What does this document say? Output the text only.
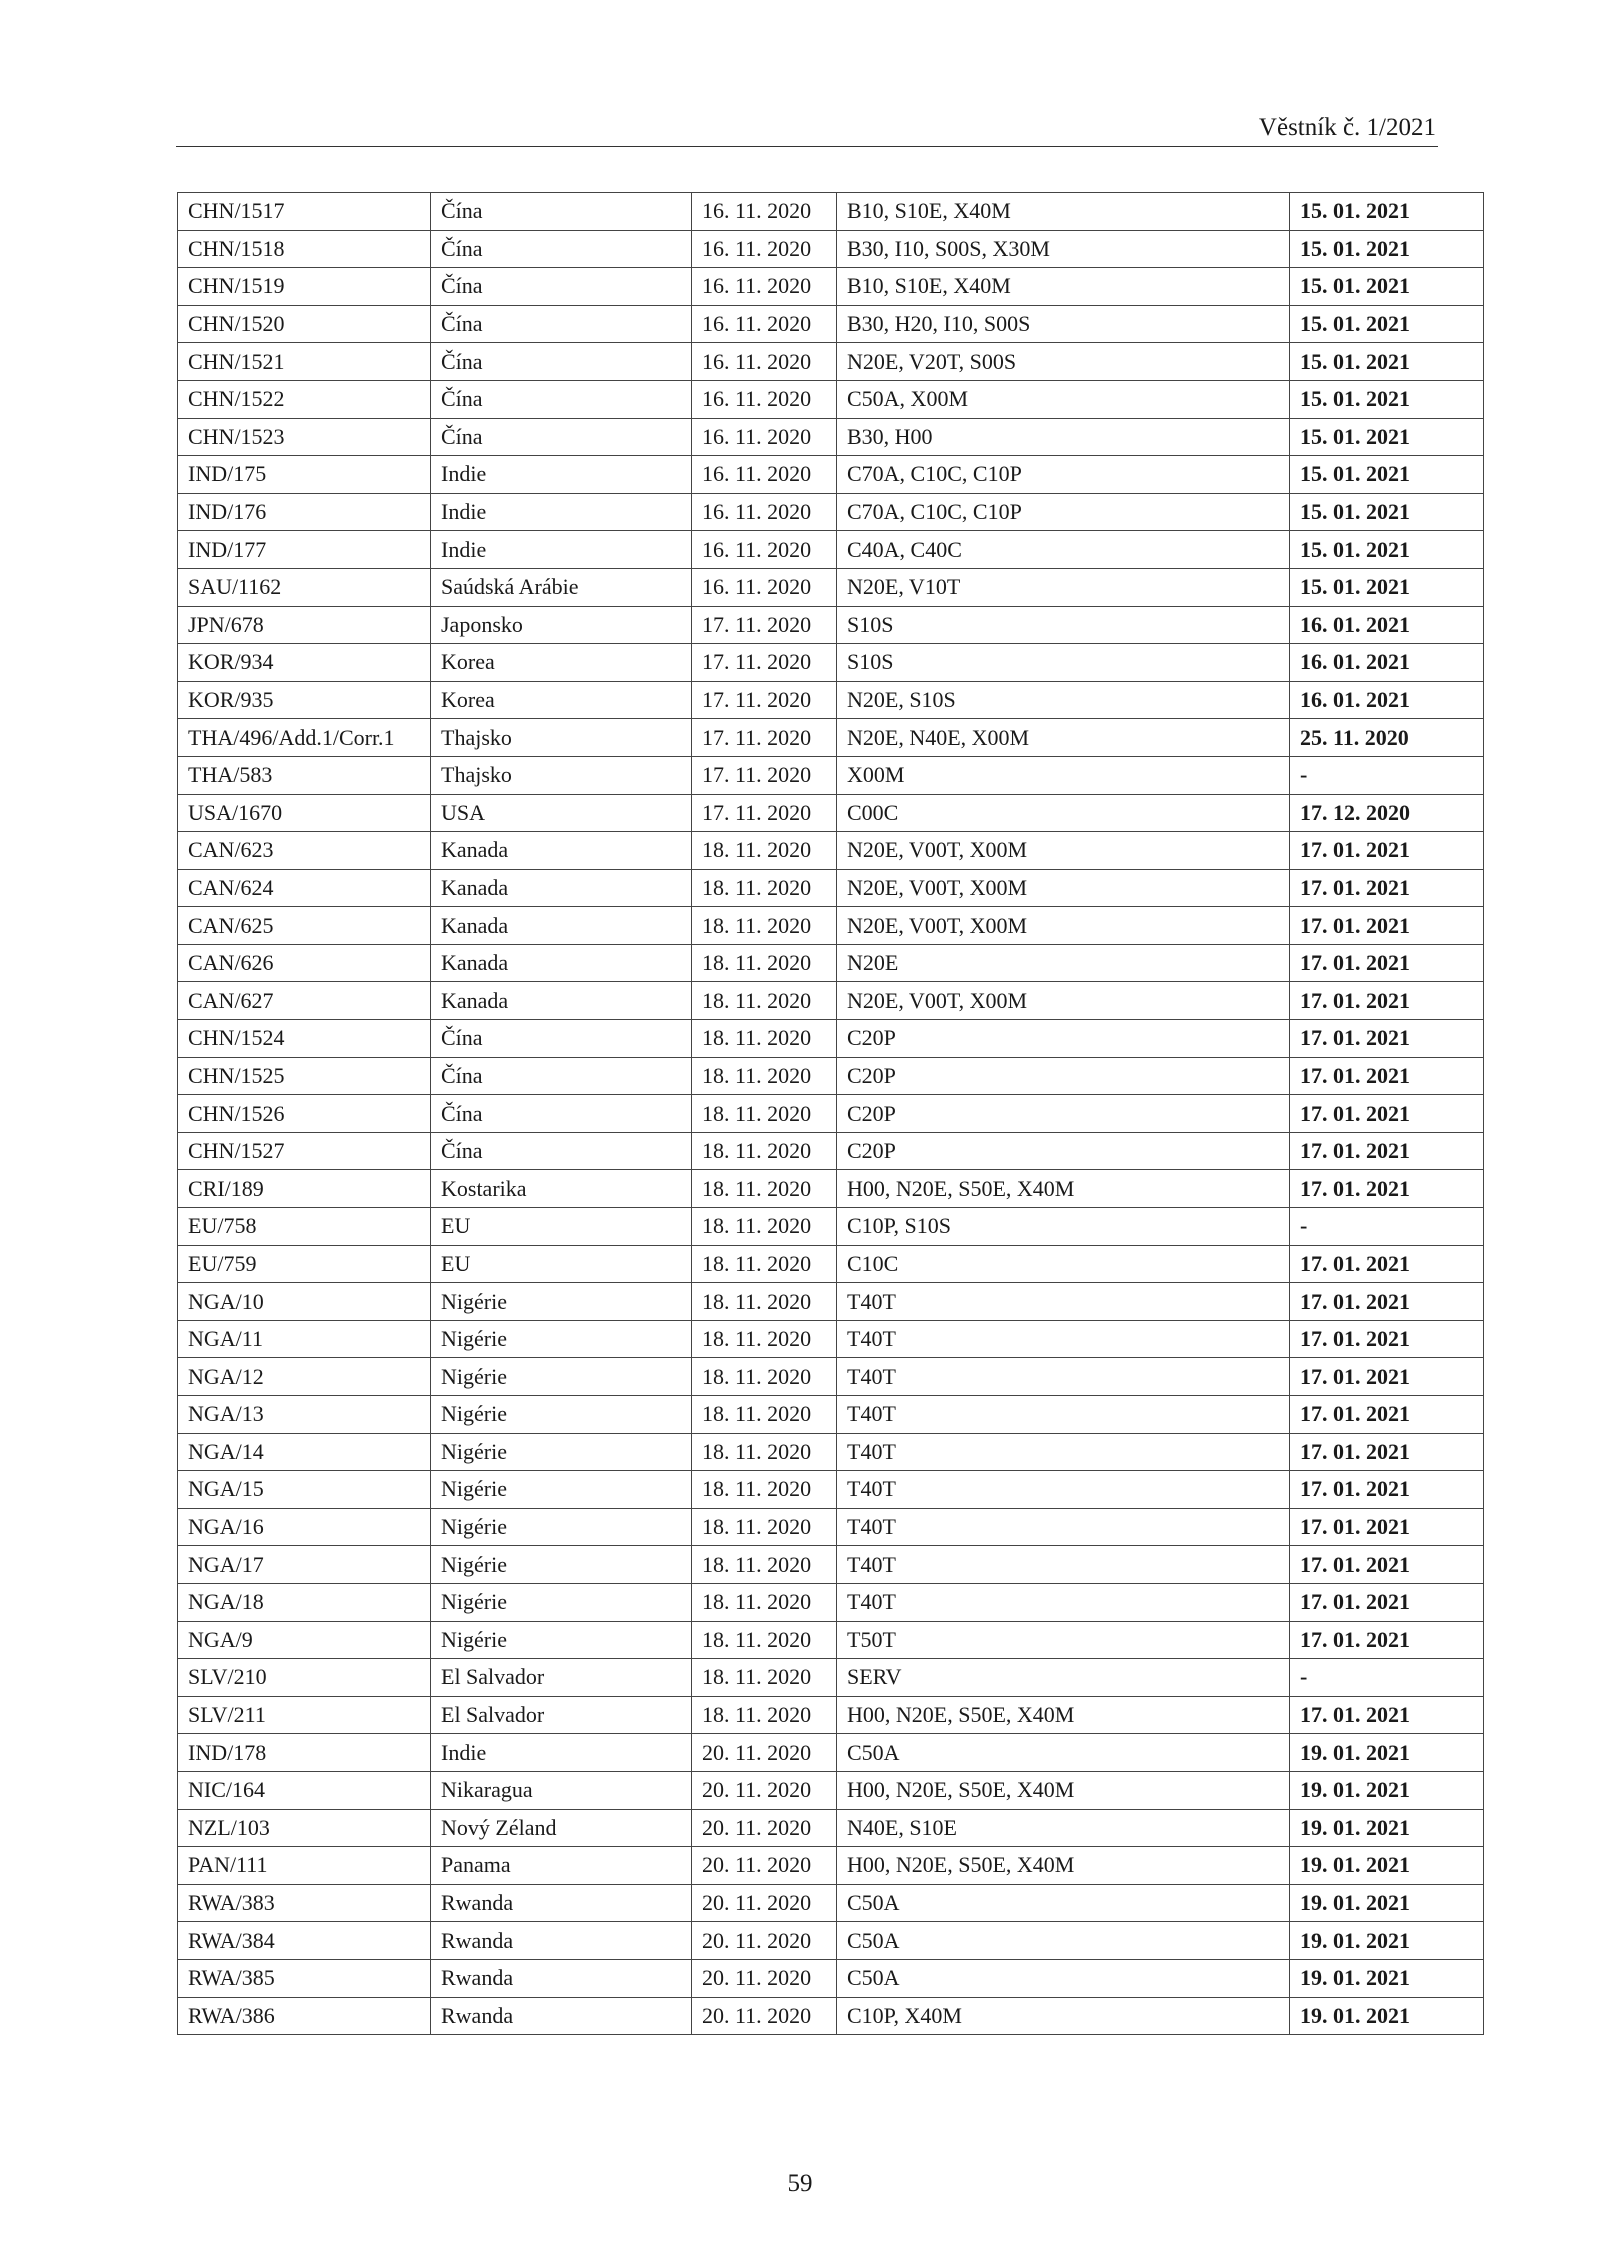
Věstník č. 1/2021
CHN/1517	Čína	16. 11. 2020	B10, S10E, X40M	15. 01. 2021
CHN/1518	Čína	16. 11. 2020	B30, I10, S00S, X30M	15. 01. 2021
CHN/1519	Čína	16. 11. 2020	B10, S10E, X40M	15. 01. 2021
CHN/1520	Čína	16. 11. 2020	B30, H20, I10, S00S	15. 01. 2021
CHN/1521	Čína	16. 11. 2020	N20E, V20T, S00S	15. 01. 2021
CHN/1522	Čína	16. 11. 2020	C50A, X00M	15. 01. 2021
CHN/1523	Čína	16. 11. 2020	B30, H00	15. 01. 2021
IND/175	Indie	16. 11. 2020	C70A, C10C, C10P	15. 01. 2021
IND/176	Indie	16. 11. 2020	C70A, C10C, C10P	15. 01. 2021
IND/177	Indie	16. 11. 2020	C40A, C40C	15. 01. 2021
SAU/1162	Saúdská Arábie	16. 11. 2020	N20E, V10T	15. 01. 2021
JPN/678	Japonsko	17. 11. 2020	S10S	16. 01. 2021
KOR/934	Korea	17. 11. 2020	S10S	16. 01. 2021
KOR/935	Korea	17. 11. 2020	N20E, S10S	16. 01. 2021
THA/496/Add.1/Corr.1	Thajsko	17. 11. 2020	N20E, N40E, X00M	25. 11. 2020
THA/583	Thajsko	17. 11. 2020	X00M	-
USA/1670	USA	17. 11. 2020	C00C	17. 12. 2020
CAN/623	Kanada	18. 11. 2020	N20E, V00T, X00M	17. 01. 2021
CAN/624	Kanada	18. 11. 2020	N20E, V00T, X00M	17. 01. 2021
CAN/625	Kanada	18. 11. 2020	N20E, V00T, X00M	17. 01. 2021
CAN/626	Kanada	18. 11. 2020	N20E	17. 01. 2021
CAN/627	Kanada	18. 11. 2020	N20E, V00T, X00M	17. 01. 2021
CHN/1524	Čína	18. 11. 2020	C20P	17. 01. 2021
CHN/1525	Čína	18. 11. 2020	C20P	17. 01. 2021
CHN/1526	Čína	18. 11. 2020	C20P	17. 01. 2021
CHN/1527	Čína	18. 11. 2020	C20P	17. 01. 2021
CRI/189	Kostarika	18. 11. 2020	H00, N20E, S50E, X40M	17. 01. 2021
EU/758	EU	18. 11. 2020	C10P, S10S	-
EU/759	EU	18. 11. 2020	C10C	17. 01. 2021
NGA/10	Nigérie	18. 11. 2020	T40T	17. 01. 2021
NGA/11	Nigérie	18. 11. 2020	T40T	17. 01. 2021
NGA/12	Nigérie	18. 11. 2020	T40T	17. 01. 2021
NGA/13	Nigérie	18. 11. 2020	T40T	17. 01. 2021
NGA/14	Nigérie	18. 11. 2020	T40T	17. 01. 2021
NGA/15	Nigérie	18. 11. 2020	T40T	17. 01. 2021
NGA/16	Nigérie	18. 11. 2020	T40T	17. 01. 2021
NGA/17	Nigérie	18. 11. 2020	T40T	17. 01. 2021
NGA/18	Nigérie	18. 11. 2020	T40T	17. 01. 2021
NGA/9	Nigérie	18. 11. 2020	T50T	17. 01. 2021
SLV/210	El Salvador	18. 11. 2020	SERV	-
SLV/211	El Salvador	18. 11. 2020	H00, N20E, S50E, X40M	17. 01. 2021
IND/178	Indie	20. 11. 2020	C50A	19. 01. 2021
NIC/164	Nikaragua	20. 11. 2020	H00, N20E, S50E, X40M	19. 01. 2021
NZL/103	Nový Zéland	20. 11. 2020	N40E, S10E	19. 01. 2021
PAN/111	Panama	20. 11. 2020	H00, N20E, S50E, X40M	19. 01. 2021
RWA/383	Rwanda	20. 11. 2020	C50A	19. 01. 2021
RWA/384	Rwanda	20. 11. 2020	C50A	19. 01. 2021
RWA/385	Rwanda	20. 11. 2020	C50A	19. 01. 2021
RWA/386	Rwanda	20. 11. 2020	C10P, X40M	19. 01. 2021
59
